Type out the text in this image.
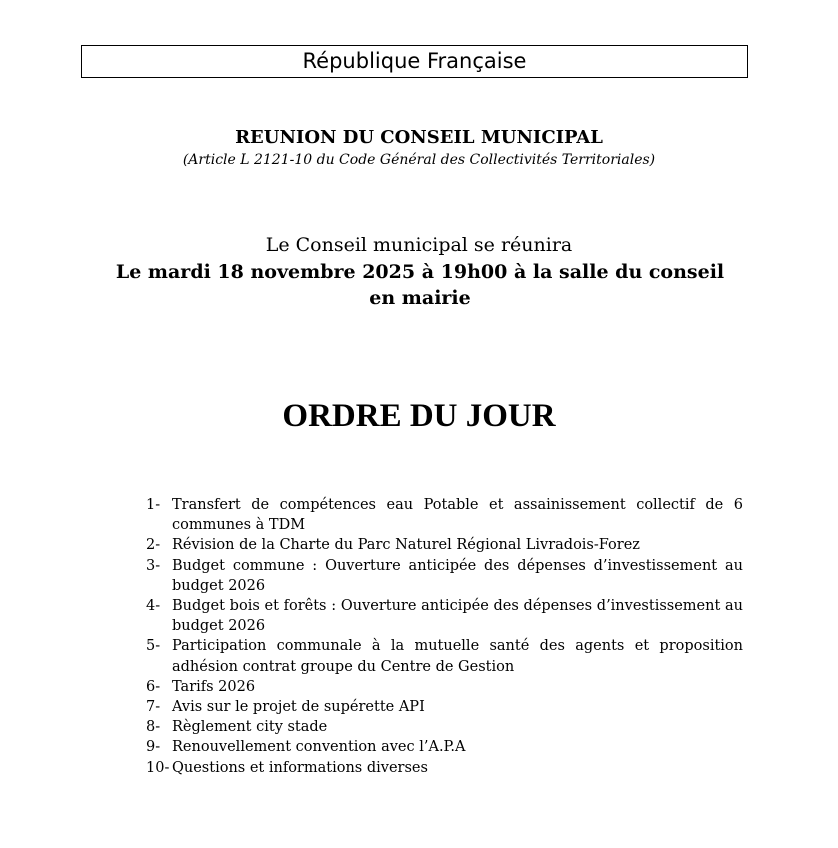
République Française
REUNION DU CONSEIL MUNICIPAL
(Article L 2121-10 du Code Général des Collectivités Territoriales)
Le Conseil municipal se réunira
Le mardi 18 novembre 2025 à 19h00 à la salle du conseil en mairie
ORDRE DU JOUR
1- Transfert de compétences eau Potable et assainissement collectif de 6 communes à TDM
2- Révision de la Charte du Parc Naturel Régional Livradois-Forez
3- Budget commune : Ouverture anticipée des dépenses d’investissement au budget 2026
4- Budget bois et forêts : Ouverture anticipée des dépenses d’investissement au budget 2026
5- Participation communale à la mutuelle santé des agents et proposition adhésion contrat groupe du Centre de Gestion
6- Tarifs 2026
7- Avis sur le projet de supérette API
8- Règlement city stade
9- Renouvellement convention avec l’A.P.A
10- Questions et informations diverses
